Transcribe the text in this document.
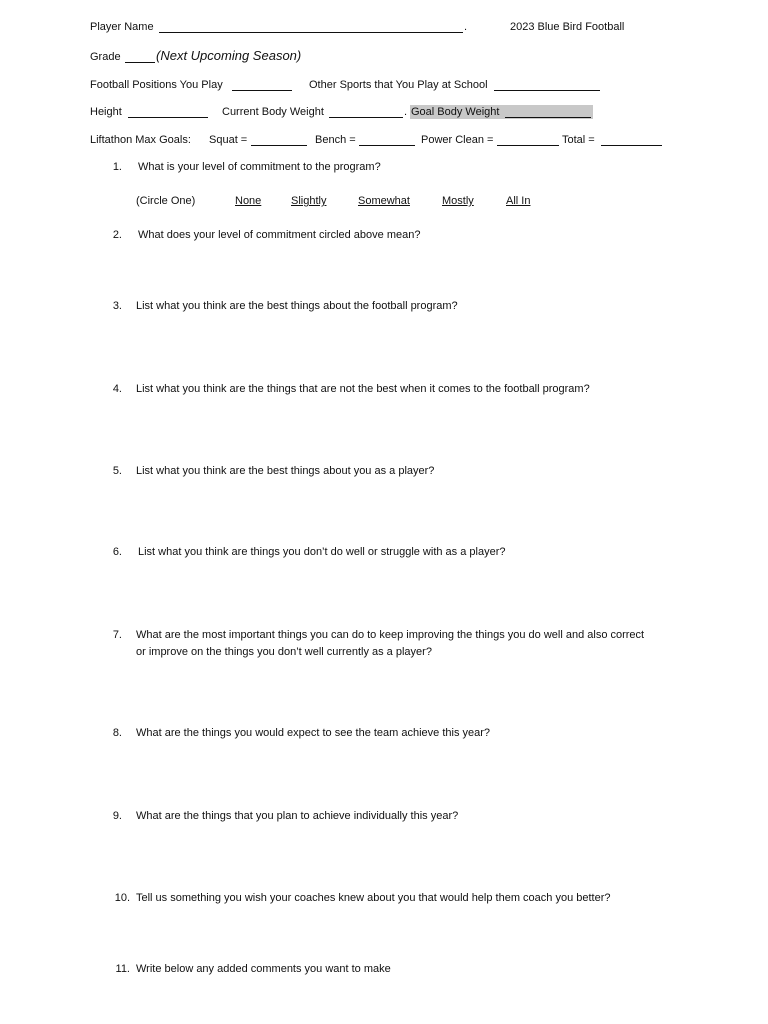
Player Name	.	2023 Blue Bird Football
Grade	(Next Upcoming Season)
Football Positions You Play	Other Sports that You Play at School
Height	Current Body Weight	. Goal Body Weight
Liftathon Max Goals: Squat =	Bench =	Power Clean =	Total =
1. What is your level of commitment to the program?
(Circle One)	None	Slightly	Somewhat	Mostly	All In
2. What does your level of commitment circled above mean?
3. List what you think are the best things about the football program?
4. List what you think are the things that are not the best when it comes to the football program?
5. List what you think are the best things about you as a player?
6. List what you think are things you don’t do well or struggle with as a player?
7. What are the most important things you can do to keep improving the things you do well and also correct
or improve on the things you don’t well currently as a player?
8. What are the things you would expect to see the team achieve this year?
9. What are the things that you plan to achieve individually this year?
10. Tell us something you wish your coaches knew about you that would help them coach you better?
11. Write below any added comments you want to make
